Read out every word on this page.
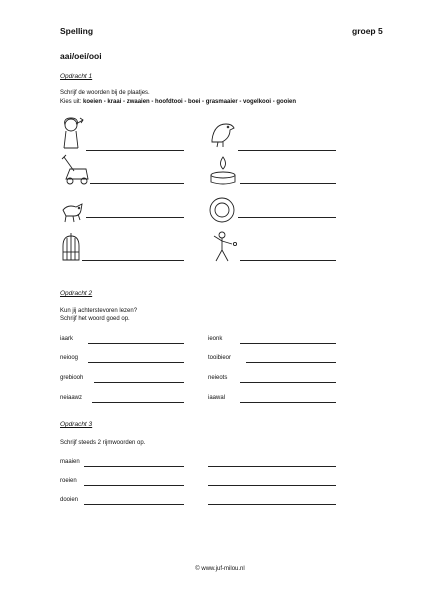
Spelling	groep 5
aai/oei/ooi
Opdracht 1
Schrijf de woorden bij de plaatjes.
Kies uit: koeien - kraai - zwaaien - hoofdtooi - boei - grasmaaier - vogelkooi - gooien
Opdracht 2
Kun jij achterstevoren lezen?
Schrijf het woord goed op.
iaark	ieonk
neioog	tooibieor
grebiooh	neieots
neiaawz	iaawal
Opdracht 3
Schrijf steeds 2 rijmwoorden op.
maaien
roeien
dooien
© www.juf-milou.nl
